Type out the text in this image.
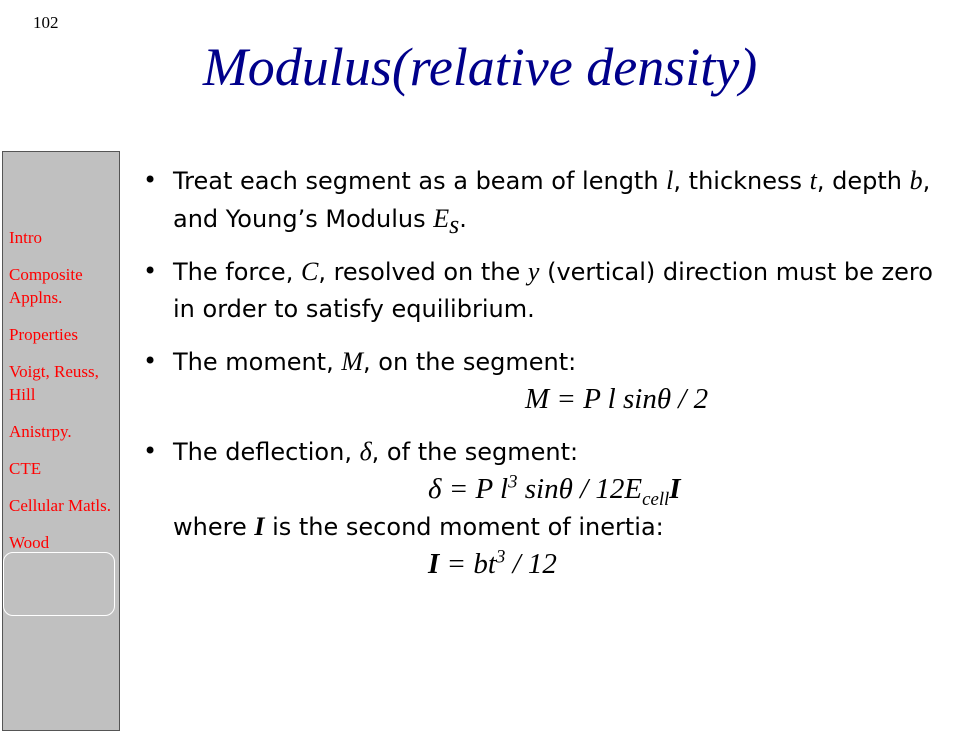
102
Modulus(relative density)
Intro
Composite Applns.
Properties
Voigt, Reuss, Hill
Anistrpy.
CTE
Cellular Matls.
Wood
• Treat each segment as a beam of length l, thickness t, depth b, and Young’s Modulus $E_s$.
• The force, C, resolved on the y (vertical) direction must be zero in order to satisfy equilibrium.
• The moment, M, on the segment:
M = P l sinθ / 2
• The deflection, δ, of the segment:
δ = P $l^3$ sinθ / $12E_{cell}I$
where I is the second moment of inertia:
$I = bt^3 / 12$
